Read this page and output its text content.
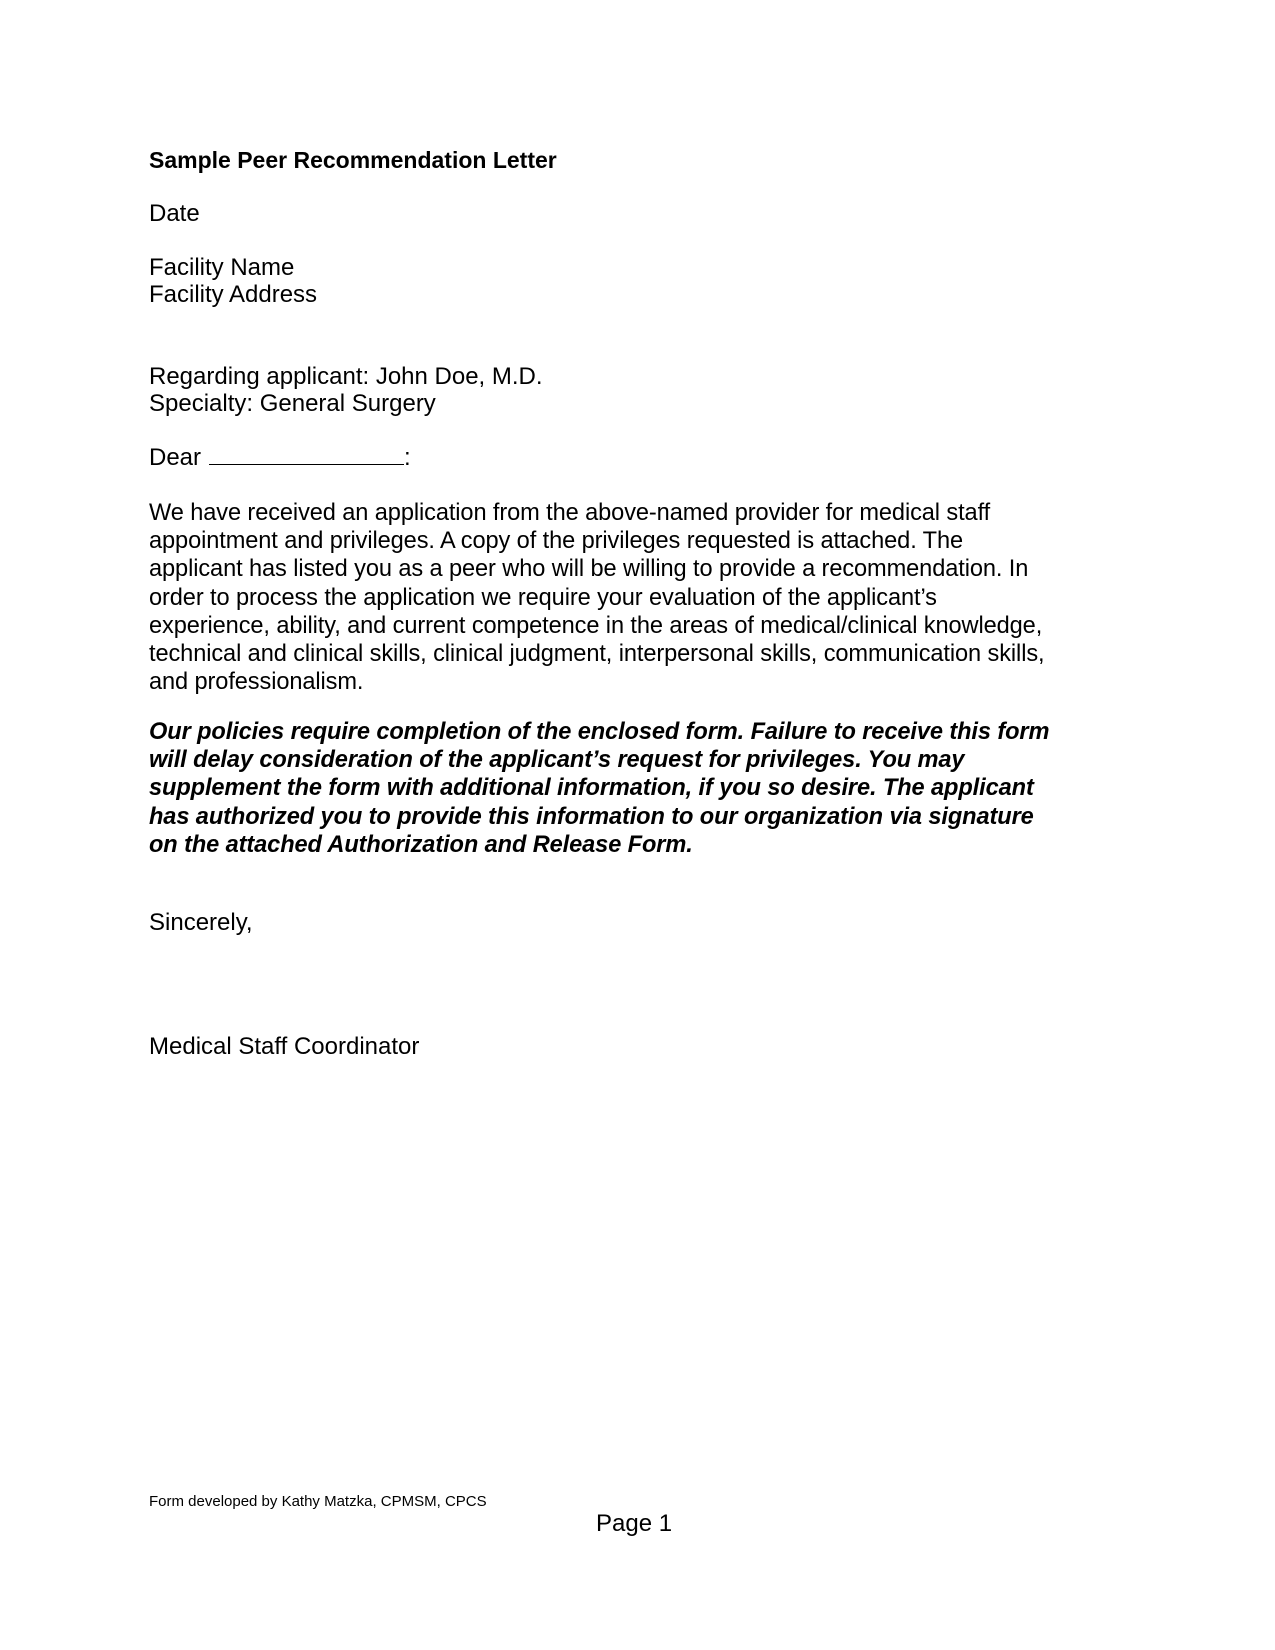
Sample Peer Recommendation Letter
Date
Facility Name
Facility Address
Regarding applicant: John Doe, M.D.
Specialty: General Surgery
Dear	:
We have received an application from the above-named provider for medical staff
appointment and privileges. A copy of the privileges requested is attached. The
applicant has listed you as a peer who will be willing to provide a recommendation. In
order to process the application we require your evaluation of the applicant’s
experience, ability, and current competence in the areas of medical/clinical knowledge,
technical and clinical skills, clinical judgment, interpersonal skills, communication skills,
and professionalism.
Our policies require completion of the enclosed form. Failure to receive this form
will delay consideration of the applicant’s request for privileges. You may
supplement the form with additional information, if you so desire. The applicant
has authorized you to provide this information to our organization via signature
on the attached Authorization and Release Form.
Sincerely,
Medical Staff Coordinator
Form developed by Kathy Matzka, CPMSM, CPCS
Page 1
